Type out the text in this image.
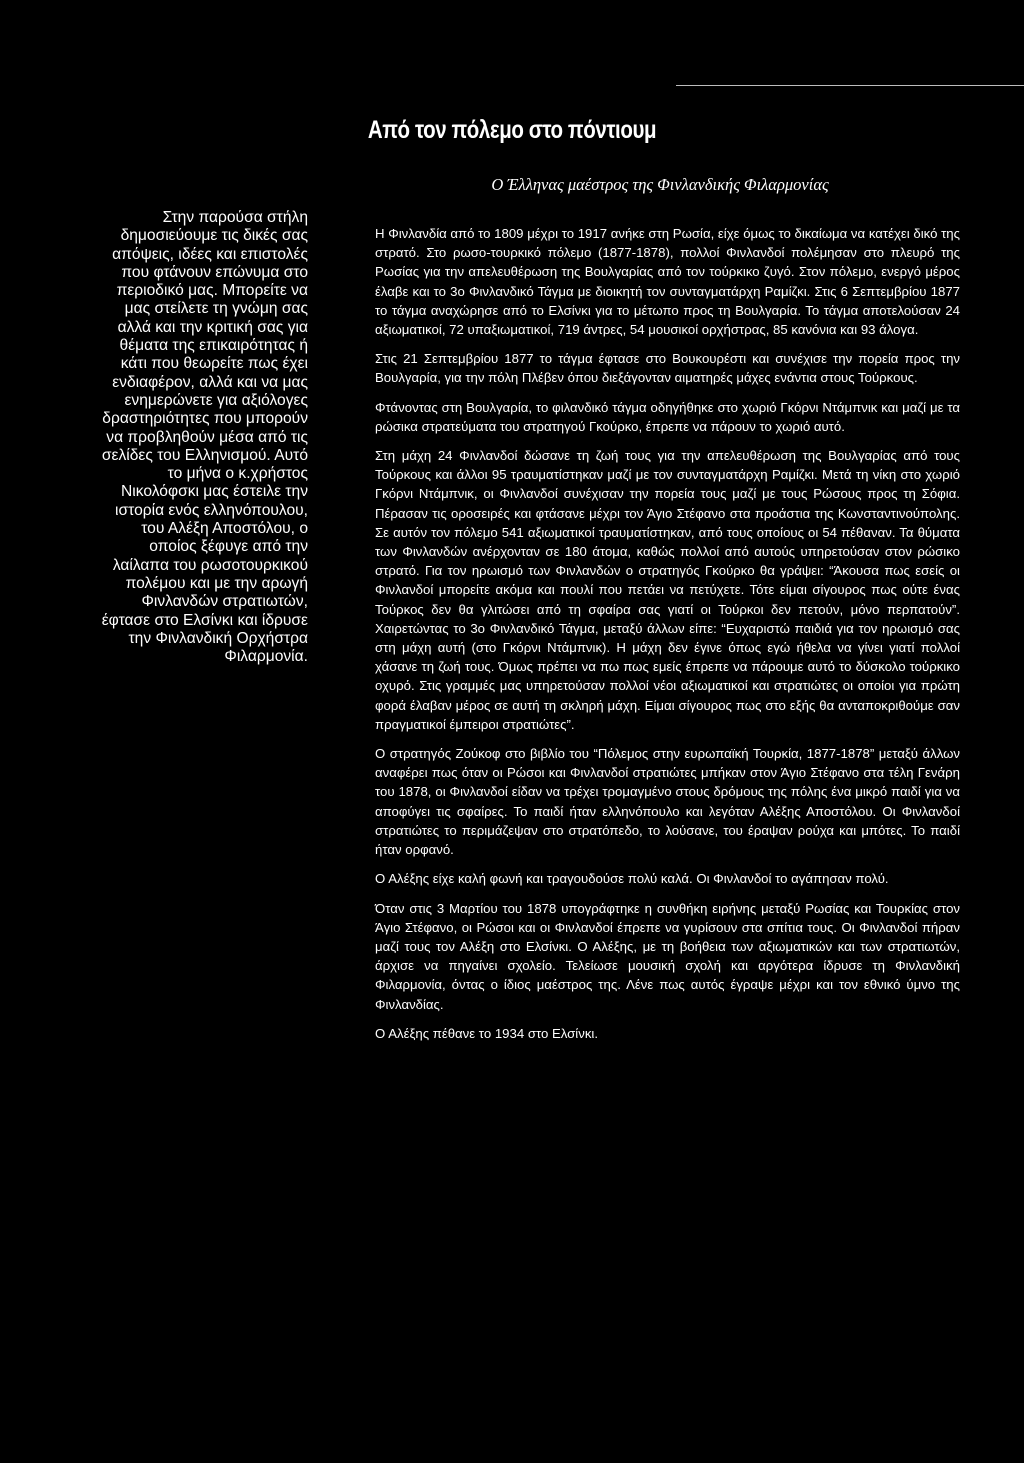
Από τον πόλεμο στο πόντιουμ
Ο Έλληνας μαέστρος της Φινλανδικής Φιλαρμονίας

Στην παρούσα στήλη δημοσιεύουμε τις δικές σας απόψεις, ιδέες και επιστολές που φτάνουν επώνυμα στο περιοδικό μας. Μπορείτε να μας στείλετε τη γνώμη σας αλλά και την κριτική σας για θέματα της επικαιρότητας ή κάτι που θεωρείτε πως έχει ενδιαφέρον, αλλά και να μας ενημερώνετε για αξιόλογες δραστηριότητες που μπορούν να προβληθούν μέσα από τις σελίδες του Ελληνισμού. Αυτό το μήνα ο κ.χρήστος Νικολόφσκι μας έστειλε την ιστορία ενός ελληνόπουλου, του Αλέξη Αποστόλου, ο οποίος ξέφυγε από την λαίλαπα του ρωσοτουρκικού πολέμου και με την αρωγή Φινλανδών στρατιωτών, έφτασε στο Ελσίνκι και ίδρυσε την Φινλανδική Ορχήστρα Φιλαρμονία.

Η Φινλανδία από το 1809 μέχρι το 1917 ανήκε στη Ρωσία, είχε όμως το δικαίωμα να κατέχει δικό της στρατό. Στο ρωσο-τουρκικό πόλεμο (1877-1878), πολλοί Φινλανδοί πολέμησαν στο πλευρό της Ρωσίας για την απελευθέρωση της Βουλγαρίας από τον τούρκικο ζυγό. Στον πόλεμο, ενεργό μέρος έλαβε και το 3ο Φινλανδικό Τάγμα με διοικητή τον συνταγματάρχη Ραμίζκι. Στις 6 Σεπτεμβρίου 1877 το τάγμα αναχώρησε από το Ελσίνκι για το μέτωπο προς τη Βουλγαρία. Το τάγμα αποτελούσαν 24 αξιωματικοί, 72 υπαξιωματικοί, 719 άντρες, 54 μουσικοί ορχήστρας, 85 κανόνια και 93 άλογα.

Στις 21 Σεπτεμβρίου 1877 το τάγμα έφτασε στο Βουκουρέστι και συνέχισε την πορεία προς την Βουλγαρία, για την πόλη Πλέβεν όπου διεξάγονταν αιματηρές μάχες ενάντια στους Τούρκους.

Φτάνοντας στη Βουλγαρία, το φιλανδικό τάγμα οδηγήθηκε στο χωριό Γκόρνι Ντάμπνικ και μαζί με τα ρώσικα στρατεύματα του στρατηγού Γκούρκο, έπρεπε να πάρουν το χωριό αυτό.

Στη μάχη 24 Φινλανδοί δώσανε τη ζωή τους για την απελευθέρωση της Βουλγαρίας από τους Τούρκους και άλλοι 95 τραυματίστηκαν μαζί με τον συνταγματάρχη Ραμίζκι. Μετά τη νίκη στο χωριό Γκόρνι Ντάμπνικ, οι Φινλανδοί συνέχισαν την πορεία τους μαζί με τους Ρώσους προς τη Σόφια. Πέρασαν τις οροσειρές και φτάσανε μέχρι τον Άγιο Στέφανο στα προάστια της Κωνσταντινούπολης. Σε αυτόν τον πόλεμο 541 αξιωματικοί τραυματίστηκαν, από τους οποίους οι 54 πέθαναν. Τα θύματα των Φινλανδών ανέρχονταν σε 180 άτομα, καθώς πολλοί από αυτούς υπηρετούσαν στον ρώσικο στρατό. Για τον ηρωισμό των Φινλανδών ο στρατηγός Γκούρκο θα γράψει: “Άκουσα πως εσείς οι Φινλανδοί μπορείτε ακόμα και πουλί που πετάει να πετύχετε. Τότε είμαι σίγουρος πως ούτε ένας Τούρκος δεν θα γλιτώσει από τη σφαίρα σας γιατί οι Τούρκοι δεν πετούν, μόνο περπατούν”. Χαιρετώντας το 3ο Φινλανδικό Τάγμα, μεταξύ άλλων είπε: “Ευχαριστώ παιδιά για τον ηρωισμό σας στη μάχη αυτή (στο Γκόρνι Ντάμπνικ). Η μάχη δεν έγινε όπως εγώ ήθελα να γίνει γιατί πολλοί χάσανε τη ζωή τους. Όμως πρέπει να πω πως εμείς έπρεπε να πάρουμε αυτό το δύσκολο τούρκικο οχυρό. Στις γραμμές μας υπηρετούσαν πολλοί νέοι αξιωματικοί και στρατιώτες οι οποίοι για πρώτη φορά έλαβαν μέρος σε αυτή τη σκληρή μάχη. Είμαι σίγουρος πως στο εξής θα ανταποκριθούμε σαν πραγματικοί έμπειροι στρατιώτες”.

Ο στρατηγός Ζούκοφ στο βιβλίο του “Πόλεμος στην ευρωπαϊκή Τουρκία, 1877-1878” μεταξύ άλλων αναφέρει πως όταν οι Ρώσοι και Φινλανδοί στρατιώτες μπήκαν στον Άγιο Στέφανο στα τέλη Γενάρη του 1878, οι Φινλανδοί είδαν να τρέχει τρομαγμένο στους δρόμους της πόλης ένα μικρό παιδί για να αποφύγει τις σφαίρες. Το παιδί ήταν ελληνόπουλο και λεγόταν Αλέξης Αποστόλου. Οι Φινλανδοί στρατιώτες το περιμάζεψαν στο στρατόπεδο, το λούσανε, του έραψαν ρούχα και μπότες. Το παιδί ήταν ορφανό.

Ο Αλέξης είχε καλή φωνή και τραγουδούσε πολύ καλά. Οι Φινλανδοί το αγάπησαν πολύ.

Όταν στις 3 Μαρτίου του 1878 υπογράφτηκε η συνθήκη ειρήνης μεταξύ Ρωσίας και Τουρκίας στον Άγιο Στέφανο, οι Ρώσοι και οι Φινλανδοί έπρεπε να γυρίσουν στα σπίτια τους. Οι Φινλανδοί πήραν μαζί τους τον Αλέξη στο Ελσίνκι. Ο Αλέξης, με τη βοήθεια των αξιωματικών και των στρατιωτών, άρχισε να πηγαίνει σχολείο. Τελείωσε μουσική σχολή και αργότερα ίδρυσε τη Φινλανδική Φιλαρμονία, όντας ο ίδιος μαέστρος της. Λένε πως αυτός έγραψε μέχρι και τον εθνικό ύμνο της Φινλανδίας.

Ο Αλέξης πέθανε το 1934 στο Ελσίνκι.
